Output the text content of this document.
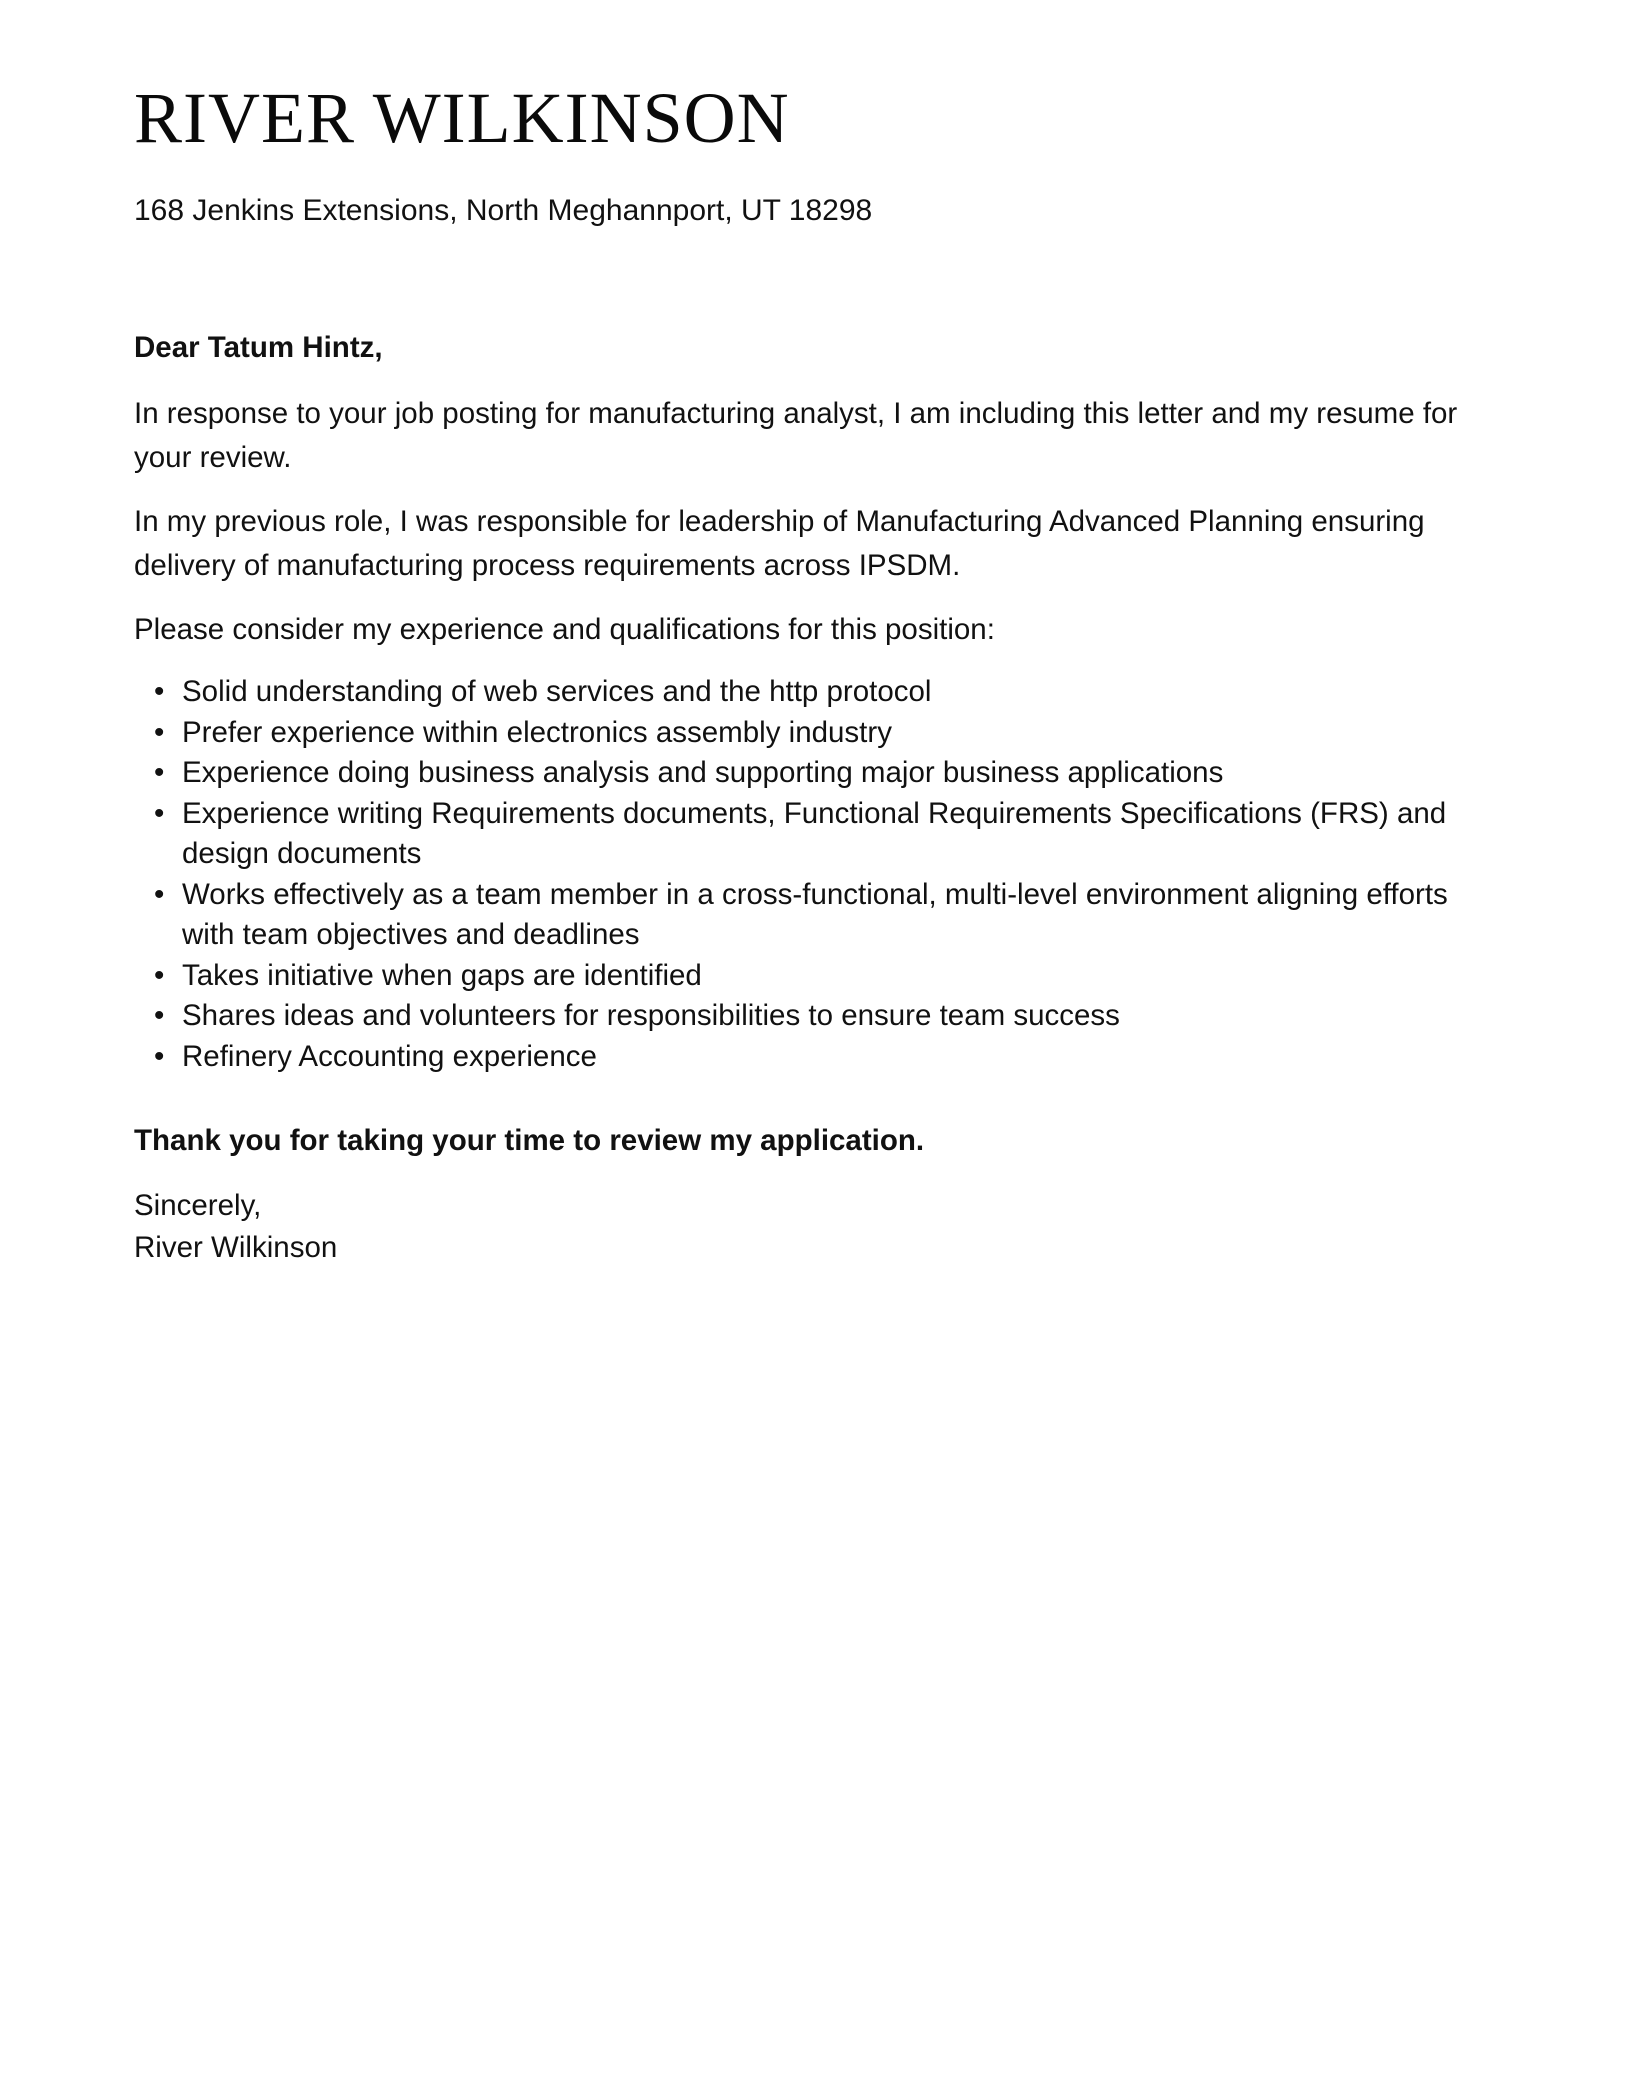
RIVER WILKINSON
168 Jenkins Extensions, North Meghannport, UT 18298

Dear Tatum Hintz,

In response to your job posting for manufacturing analyst, I am including this letter and my resume for your review.

In my previous role, I was responsible for leadership of Manufacturing Advanced Planning ensuring delivery of manufacturing process requirements across IPSDM.

Please consider my experience and qualifications for this position:

• Solid understanding of web services and the http protocol
• Prefer experience within electronics assembly industry
• Experience doing business analysis and supporting major business applications
• Experience writing Requirements documents, Functional Requirements Specifications (FRS) and design documents
• Works effectively as a team member in a cross-functional, multi-level environment aligning efforts with team objectives and deadlines
• Takes initiative when gaps are identified
• Shares ideas and volunteers for responsibilities to ensure team success
• Refinery Accounting experience

Thank you for taking your time to review my application.

Sincerely,

River Wilkinson
